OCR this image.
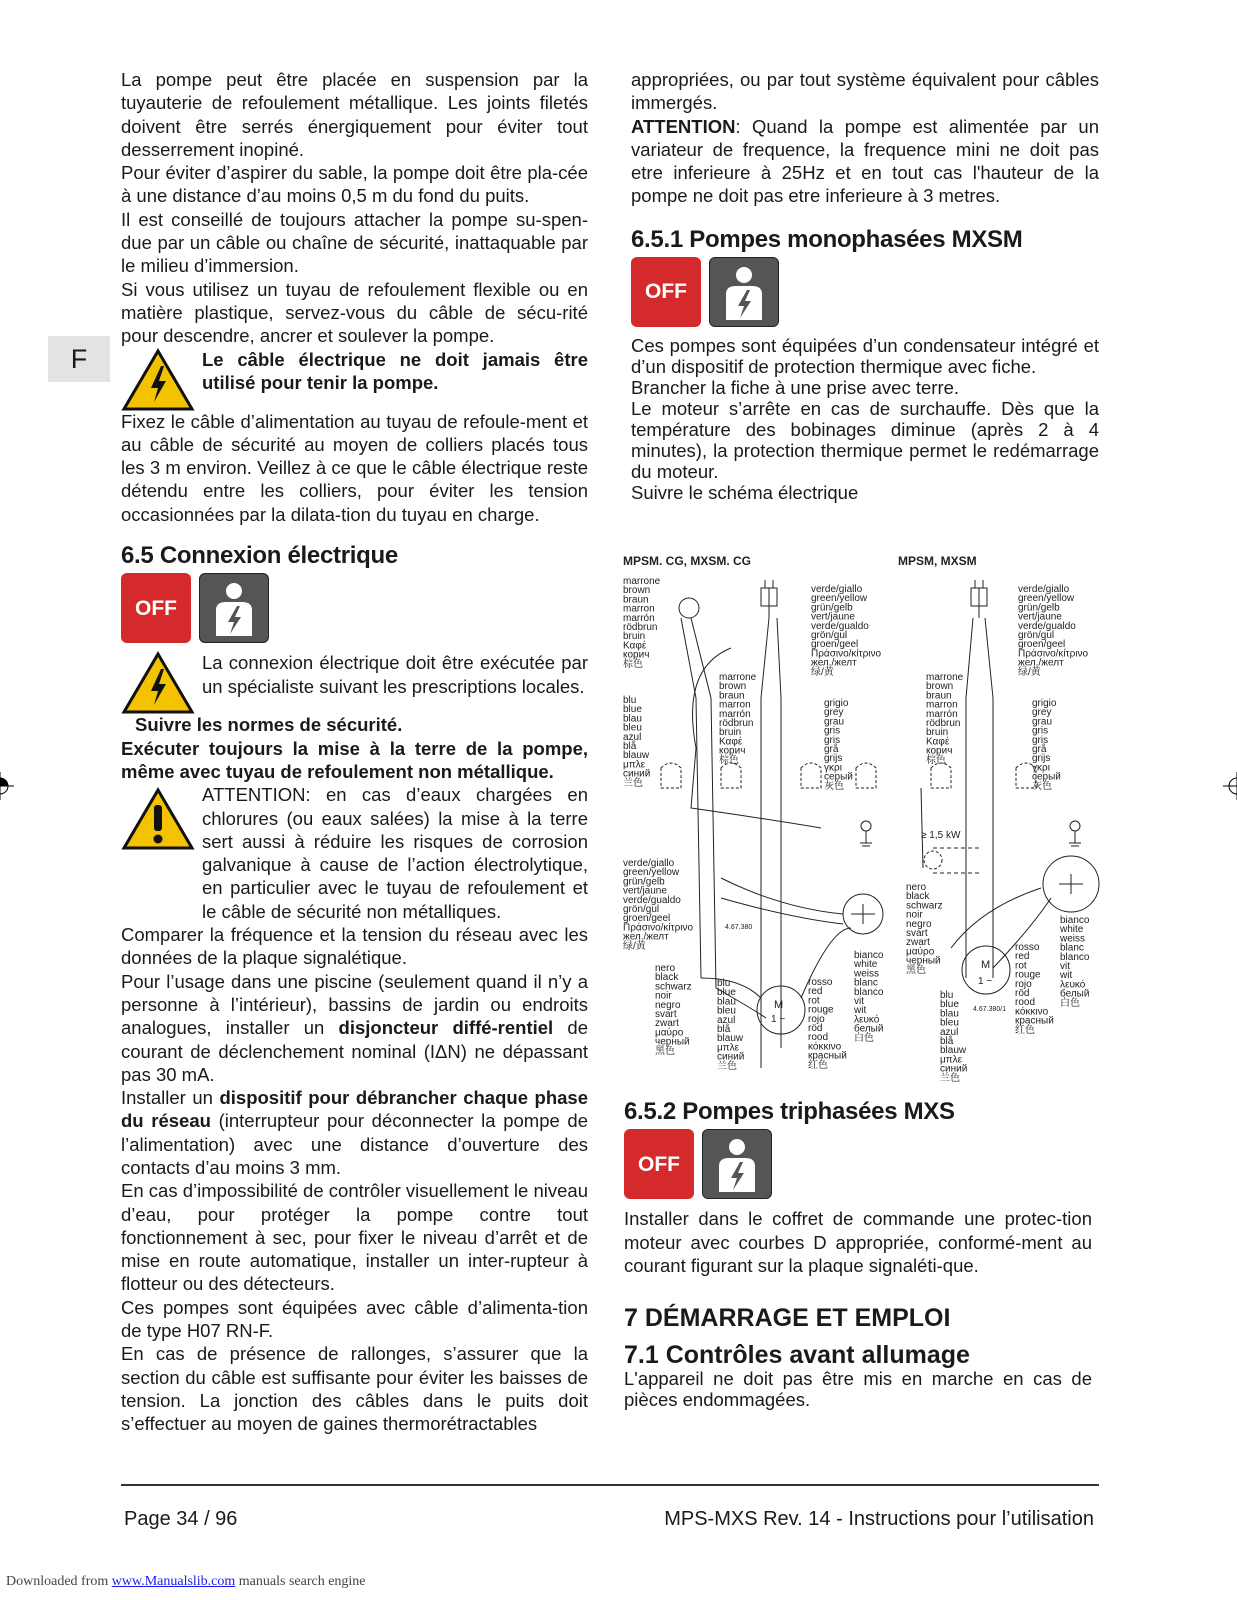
F

La pompe peut être placée en suspension par la tuyauterie de refoulement métallique. Les joints filetés doivent être serrés énergiquement pour éviter tout desserrement inopiné.

Pour éviter d’aspirer du sable, la pompe doit être pla-cée à une distance d’au moins 0,5 m du fond du puits.

Il est conseillé de toujours attacher la pompe su-spen-due par un câble ou chaîne de sécurité, inattaquable par le milieu d’immersion.

Si vous utilisez un tuyau de refoulement flexible ou en matière plastique, servez-vous du câble de sécu-rité pour descendre, ancrer et soulever la pompe.

Le câble électrique ne doit jamais être utilisé pour tenir la pompe.

Fixez le câble d’alimentation au tuyau de refoule-ment et au câble de sécurité au moyen de colliers placés tous les 3 m environ. Veillez à ce que le câble électrique reste détendu entre les colliers, pour éviter les tension occasionnées par la dilata-tion du tuyau en charge.

6.5 Connexion électrique

OFF

La connexion électrique doit être exécutée par un spécialiste suivant les prescriptions locales.

Suivre les normes de sécurité.

Exécuter toujours la mise à la terre de la pompe, même avec tuyau de refoulement non métallique.

ATTENTION: en cas d’eaux chargées en chlorures (ou eaux salées) la mise à la terre sert aussi à réduire les risques de corrosion galvanique à cause de l’action électrolytique, en particulier avec le tuyau de refoulement et le câble de sécurité non métalliques.

Comparer la fréquence et la tension du réseau avec les données de la plaque signalétique.

Pour l’usage dans une piscine (seulement quand il n’y a personne à l’intérieur), bassins de jardin ou endroits analogues, installer un disjoncteur diffé-rentiel de courant de déclenchement nominal (IΔN) ne dépassant pas 30 mA.

Installer un dispositif pour débrancher chaque phase du réseau (interrupteur pour déconnecter la pompe de l’alimentation) avec une distance d’ouverture des contacts d’au moins 3 mm.

En cas d’impossibilité de contrôler visuellement le niveau d’eau, pour protéger la pompe contre tout fonctionnement à sec, pour fixer le niveau d’arrêt et de mise en route automatique, installer un inter-rupteur à flotteur ou des détecteurs.

Ces pompes sont équipées avec câble d’alimenta-tion de type H07 RN-F.

En cas de présence de rallonges, s’assurer que la section du câble est suffisante pour éviter les baisses de tension. La jonction des câbles dans le puits doit s’effectuer au moyen de gaines thermorétractables

appropriées, ou par tout système équivalent pour câbles immergés.

ATTENTION: Quand la pompe est alimentée par un variateur de frequence, la frequence mini ne doit pas etre inferieure à 25Hz et en tout cas l'hauteur de la pompe ne doit pas etre inferieure à 3 metres.

6.5.1 Pompes monophasées MXSM

OFF

Ces pompes sont équipées d’un condensateur intégré et d’un dispositif de protection thermique avec fiche.

Brancher la fiche à une prise avec terre.

Le moteur s’arrête en cas de surchauffe. Dès que la température des bobinages diminue (après 2 à 4 minutes), la protection thermique permet le redémarrage du moteur.

Suivre le schéma électrique

MPSM. CG, MXSM. CG	MPSM, MXSM
marrone
brown
braun
marron
marrón
rödbrun
bruin
Καφέ
корич
棕色
verde/giallo
green/yellow
grün/gelb
vert/jaune
verde/gualdo
grön/gul
groen/geel
Πράσινο/κίτρινο
жел./желт
绿/黄
marrone
brown
braun
marron
marrón
rödbrun
bruin
Καφέ
корич
棕色
blu
blue
blau
bleu
azul
blå
blauw
μπλε
синий
兰色
grigio
grey
grau
gris
gris
grå
grijs
γκρι
серый
灰色
verde/giallo
green/yellow
grün/gelb
vert/jaune
verde/gualdo
grön/gul
groen/geel
Πράσινο/κίτρινο
жел./желт
绿/黄
nero
black
schwarz
noir
negro
svart
zwart
μαύρο
черный
黑色
blu
blue
blau
bleu
azul
blå
blauw
μπλε
синий
兰色
rosso
red
rot
rouge
rojo
röd
rood
κόκκινο
красный
红色
bianco
white
weiss
blanc
blanco
vit
wit
λευκό
белый
白色
verde/giallo
green/yellow
grün/gelb
vert/jaune
verde/gualdo
grön/gul
groen/geel
Πράσινο/κίτρινο
жел./желт
绿/黄
marrone
brown
braun
marron
marrón
rödbrun
bruin
Καφέ
корич
棕色
grigio
grey
grau
gris
gris
grå
grijs
γκρι
серый
灰色
nero
black
schwarz
noir
negro
svart
zwart
μαύρο
черный
黑色
blu
blue
blau
bleu
azul
blå
blauw
μπλε
синий
兰色
rosso
red
rot
rouge
rojo
röd
rood
κόκκινο
красный
红色
bianco
white
weiss
blanc
blanco
vit
wit
λευκό
белый
白色
M
1 ~
M
1 ~
≥ 1,5 kW
4.67.380
4.67.380/1

6.5.2 Pompes triphasées MXS

OFF

Installer dans le coffret de commande une protec-tion moteur avec courbes D appropriée, conformé-ment au courant figurant sur la plaque signaléti-que.

7 DÉMARRAGE ET EMPLOI

7.1 Contrôles avant allumage

L'appareil ne doit pas être mis en marche en cas de pièces endommagées.

Page 34 / 96	MPS-MXS Rev. 14 - Instructions pour l’utilisation
Downloaded from www.Manualslib.com manuals search engine
